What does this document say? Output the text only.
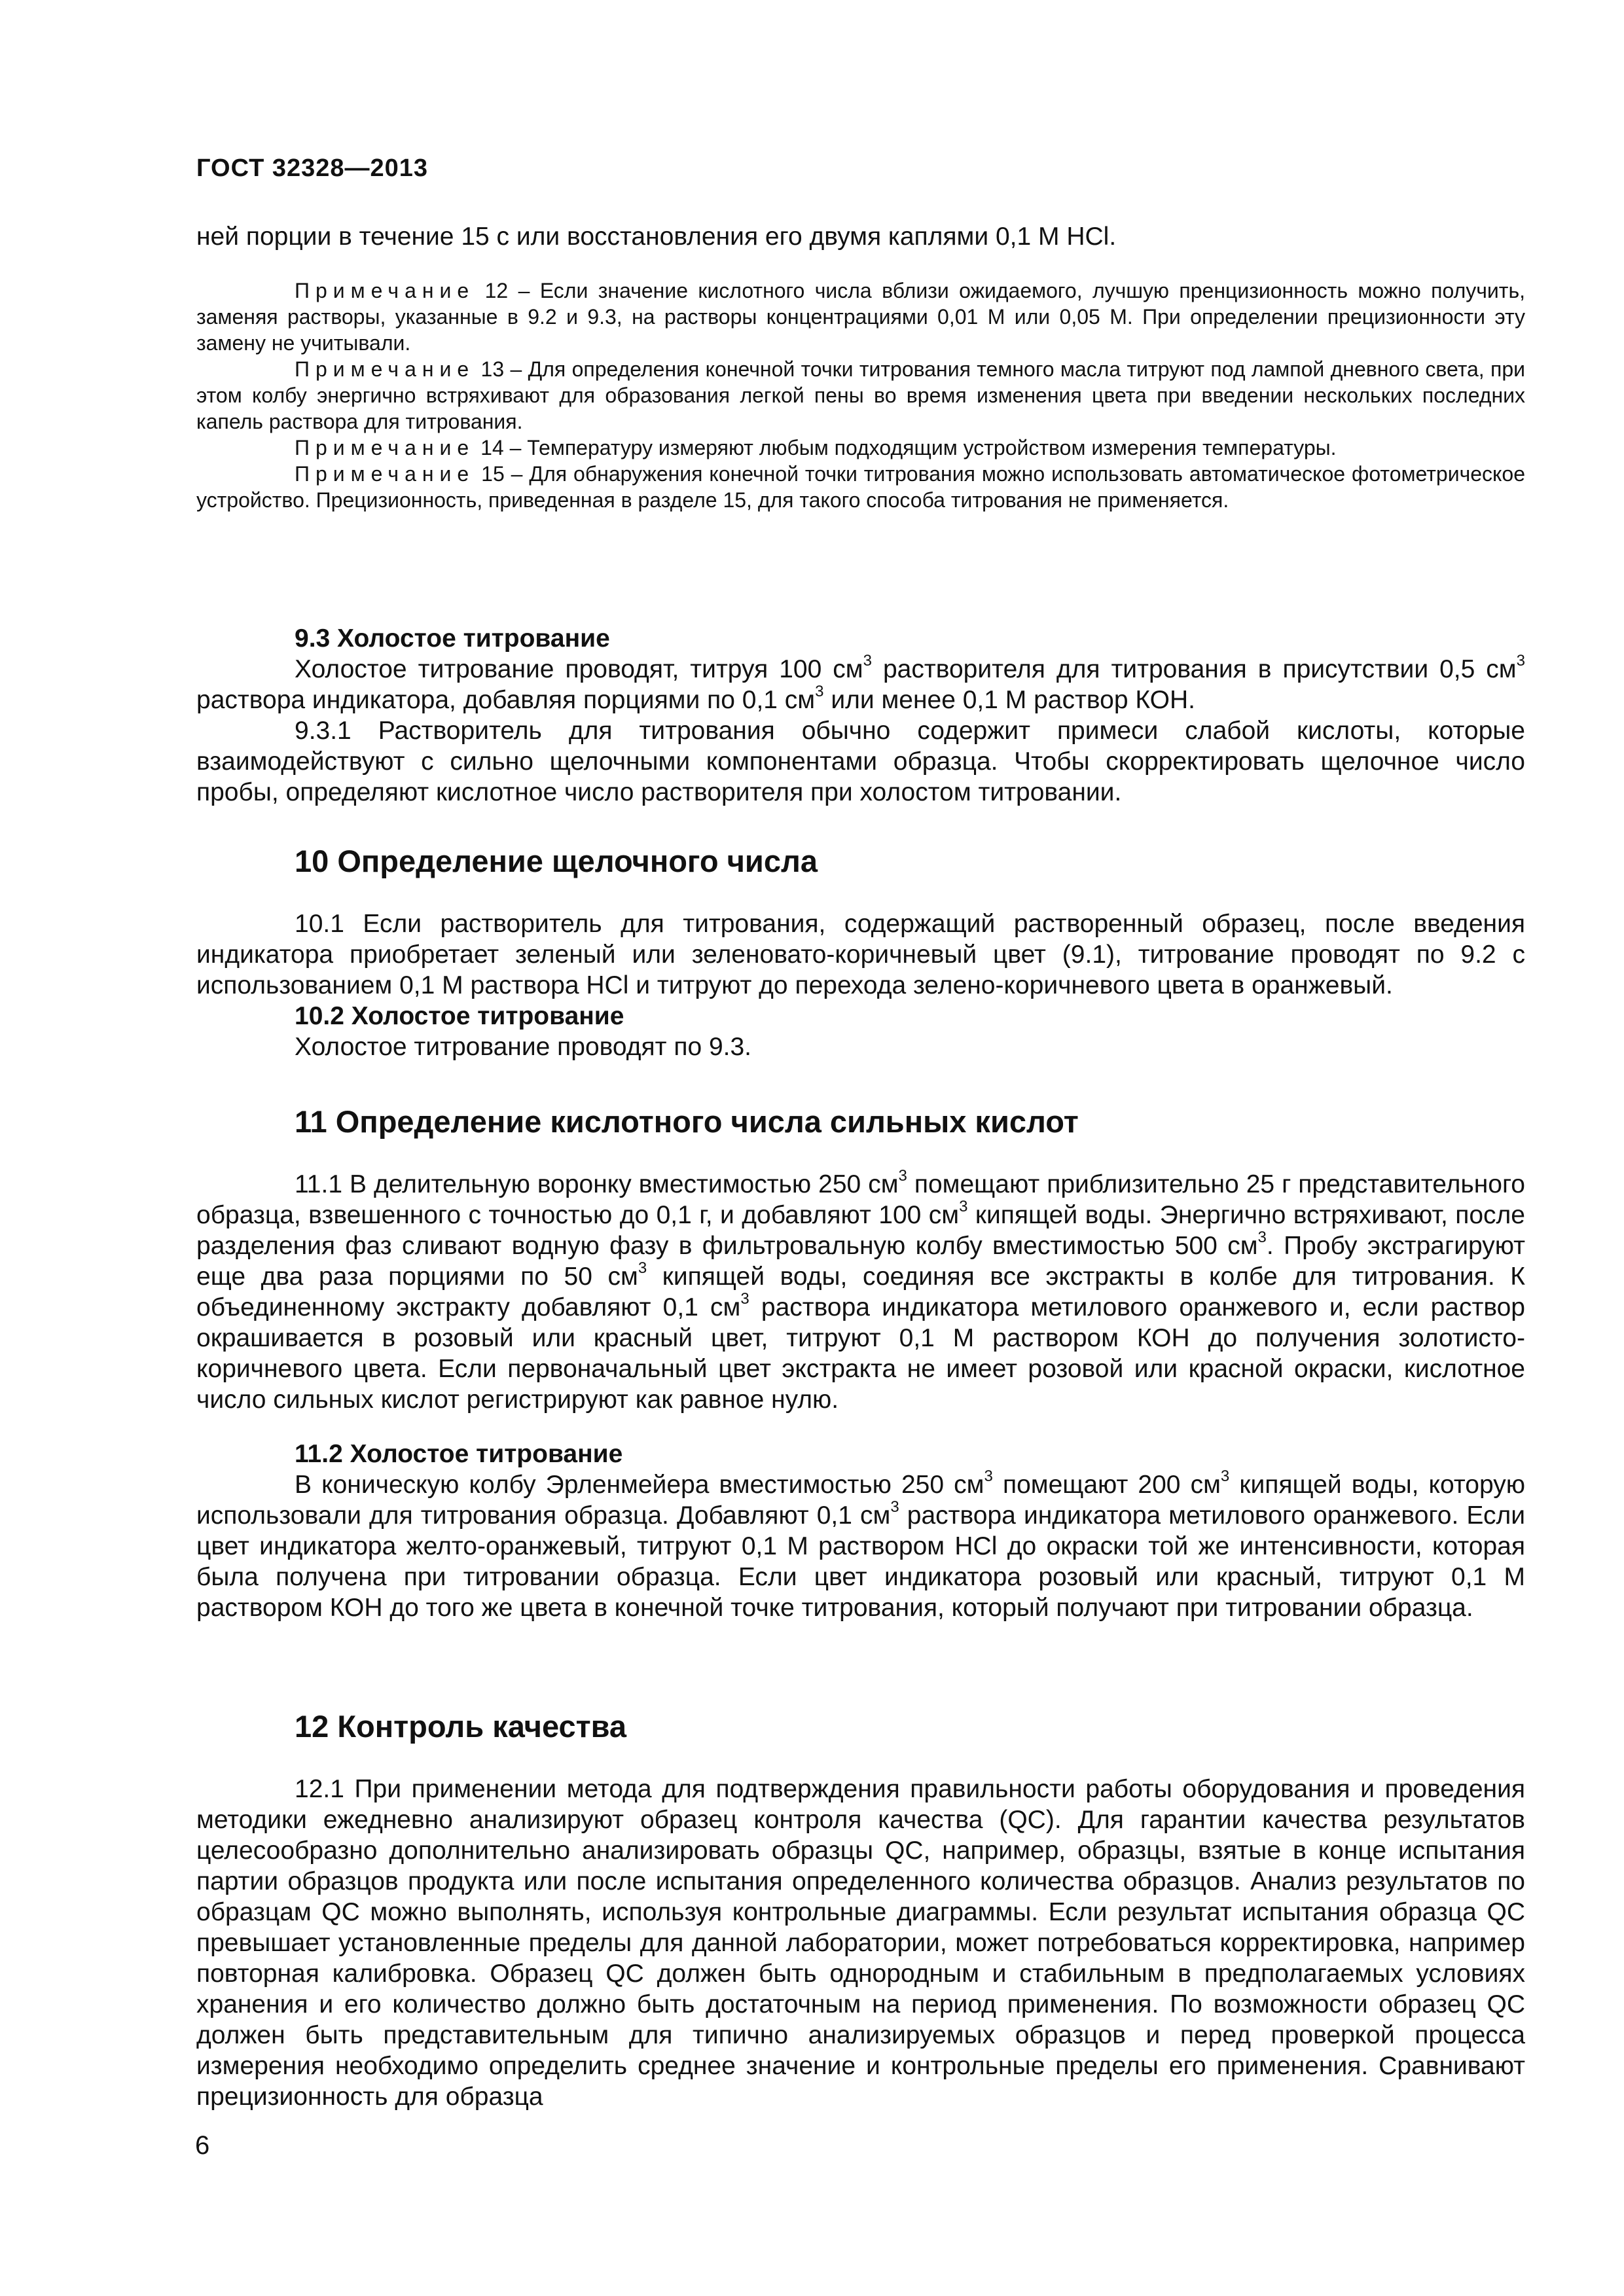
ГОСТ 32328—2013

ней порции в течение 15 с или восстановления его двумя каплями 0,1 М HCl.

Примечание 12 – Если значение кислотного числа вблизи ожидаемого, лучшую пренцизионность можно получить, заменяя растворы, указанные в 9.2 и 9.3, на растворы концентрациями 0,01 М или 0,05 М. При определении прецизионности эту замену не учитывали.

Примечание 13 – Для определения конечной точки титрования темного масла титруют под лампой дневного света, при этом колбу энергично встряхивают для образования легкой пены во время изменения цвета при введении нескольких последних капель раствора для титрования.

Примечание 14 – Температуру измеряют любым подходящим устройством измерения температуры.

Примечание 15 – Для обнаружения конечной точки титрования можно использовать автоматическое фотометрическое устройство. Прецизионность, приведенная в разделе 15, для такого способа титрования не применяется.

9.3 Холостое титрование

Холостое титрование проводят, титруя 100 $см^3$ растворителя для титрования в присутствии 0,5 $см^3$ раствора индикатора, добавляя порциями по 0,1 $см^3$ или менее 0,1 М раствор КОН.

9.3.1 Растворитель для титрования обычно содержит примеси слабой кислоты, которые взаимодействуют с сильно щелочными компонентами образца. Чтобы скорректировать щелочное число пробы, определяют кислотное число растворителя при холостом титровании.

10 Определение щелочного числа

10.1 Если растворитель для титрования, содержащий растворенный образец, после введения индикатора приобретает зеленый или зеленовато-коричневый цвет (9.1), титрование проводят по 9.2 с использованием 0,1 М раствора HCl и титруют до перехода зелено-коричневого цвета в оранжевый.

10.2 Холостое титрование

Холостое титрование проводят по 9.3.

11 Определение кислотного числа сильных кислот

11.1 В делительную воронку вместимостью 250 $см^3$ помещают приблизительно 25 г представительного образца, взвешенного с точностью до 0,1 г, и добавляют 100 $см^3$ кипящей воды. Энергично встряхивают, после разделения фаз сливают водную фазу в фильтровальную колбу вместимостью 500 $см^3$. Пробу экстрагируют еще два раза порциями по 50 $см^3$ кипящей воды, соединяя все экстракты в колбе для титрования. К объединенному экстракту добавляют 0,1 $см^3$ раствора индикатора метилового оранжевого и, если раствор окрашивается в розовый или красный цвет, титруют 0,1 М раствором КОН до получения золотисто-коричневого цвета. Если первоначальный цвет экстракта не имеет розовой или красной окраски, кислотное число сильных кислот регистрируют как равное нулю.

11.2 Холостое титрование

В коническую колбу Эрленмейера вместимостью 250 $см^3$ помещают 200 $см^3$ кипящей воды, которую использовали для титрования образца. Добавляют 0,1 $см^3$ раствора индикатора метилового оранжевого. Если цвет индикатора желто-оранжевый, титруют 0,1 М раствором HCl до окраски той же интенсивности, которая была получена при титровании образца. Если цвет индикатора розовый или красный, титруют 0,1 М раствором КОН до того же цвета в конечной точке титрования, который получают при титровании образца.

12 Контроль качества

12.1 При применении метода для подтверждения правильности работы оборудования и проведения методики ежедневно анализируют образец контроля качества (QC). Для гарантии качества результатов целесообразно дополнительно анализировать образцы QC, например, образцы, взятые в конце испытания партии образцов продукта или после испытания определенного количества образцов. Анализ результатов по образцам QC можно выполнять, используя контрольные диаграммы. Если результат испытания образца QC превышает установленные пределы для данной лаборатории, может потребоваться корректировка, например повторная калибровка. Образец QC должен быть однородным и стабильным в предполагаемых условиях хранения и его количество должно быть достаточным на период применения. По возможности образец QC должен быть представительным для типично анализируемых образцов и перед проверкой процесса измерения необходимо определить среднее значение и контрольные пределы его применения. Сравнивают прецизионность для образца

6
